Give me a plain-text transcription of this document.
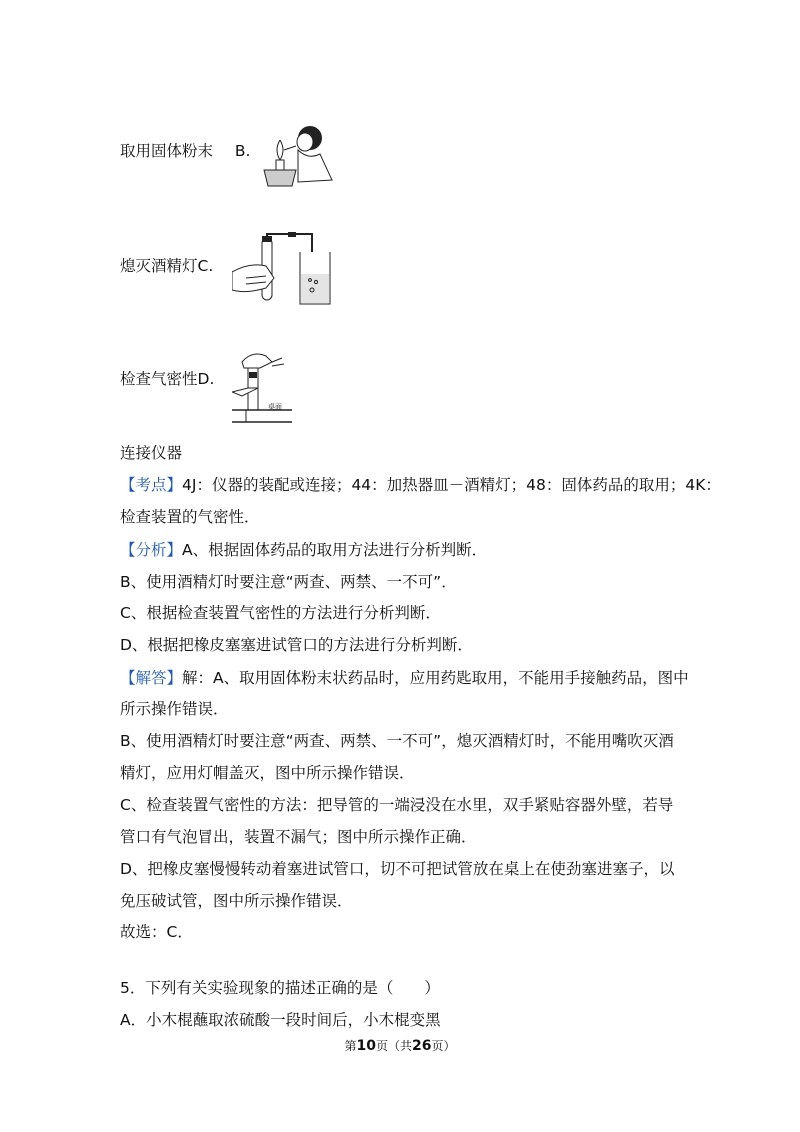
取用固体粉末 B.
熄灭酒精灯C.
检查气密性D.
桌面
连接仪器
【考点】4J：仪器的装配或连接；44：加热器皿－酒精灯；48：固体药品的取用；4K：
检查装置的气密性．
【分析】A、根据固体药品的取用方法进行分析判断．
B、使用酒精灯时要注意“两查、两禁、一不可”．
C、根据检查装置气密性的方法进行分析判断．
D、根据把橡皮塞塞进试管口的方法进行分析判断．
【解答】解：A、取用固体粉末状药品时，应用药匙取用，不能用手接触药品，图中
所示操作错误．
B、使用酒精灯时要注意“两查、两禁、一不可”，熄灭酒精灯时，不能用嘴吹灭酒
精灯，应用灯帽盖灭，图中所示操作错误．
C、检查装置气密性的方法：把导管的一端浸没在水里，双手紧贴容器外壁，若导
管口有气泡冒出，装置不漏气；图中所示操作正确．
D、把橡皮塞慢慢转动着塞进试管口，切不可把试管放在桌上在使劲塞进塞子，以
免压破试管，图中所示操作错误．
故选：C．
5．下列有关实验现象的描述正确的是（　　）
A．小木棍蘸取浓硫酸一段时间后，小木棍变黑
第10页（共26页）
